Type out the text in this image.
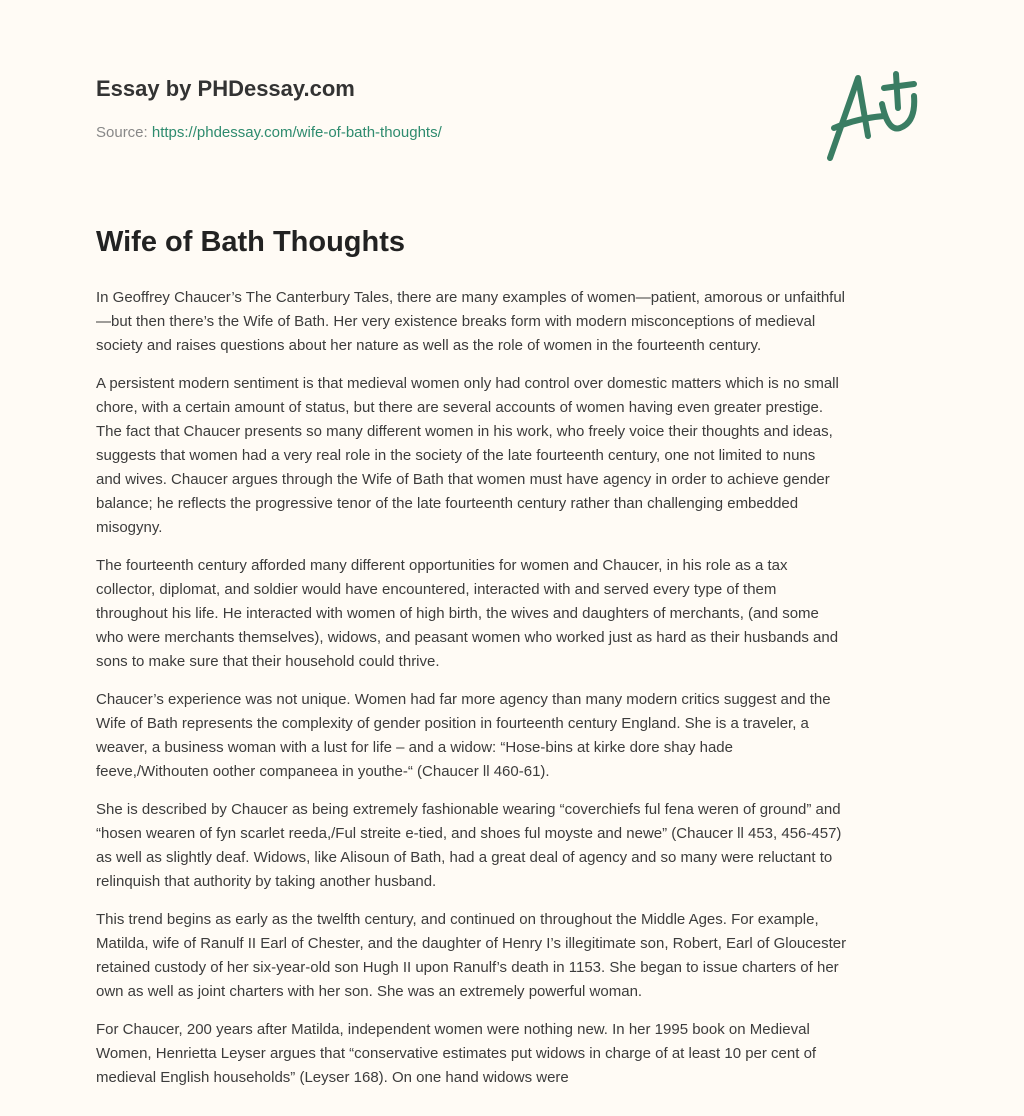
Essay by PHDessay.com
Source: https://phdessay.com/wife-of-bath-thoughts/
Wife of Bath Thoughts

In Geoffrey Chaucer’s The Canterbury Tales, there are many examples of women—patient, amorous or unfaithful
—but then there’s the Wife of Bath. Her very existence breaks form with modern misconceptions of medieval
society and raises questions about her nature as well as the role of women in the fourteenth century.

A persistent modern sentiment is that medieval women only had control over domestic matters which is no small
chore, with a certain amount of status, but there are several accounts of women having even greater prestige.
The fact that Chaucer presents so many different women in his work, who freely voice their thoughts and ideas,
suggests that women had a very real role in the society of the late fourteenth century, one not limited to nuns
and wives. Chaucer argues through the Wife of Bath that women must have agency in order to achieve gender
balance; he reflects the progressive tenor of the late fourteenth century rather than challenging embedded
misogyny.

The fourteenth century afforded many different opportunities for women and Chaucer, in his role as a tax
collector, diplomat, and soldier would have encountered, interacted with and served every type of them
throughout his life. He interacted with women of high birth, the wives and daughters of merchants, (and some
who were merchants themselves), widows, and peasant women who worked just as hard as their husbands and
sons to make sure that their household could thrive.

Chaucer’s experience was not unique. Women had far more agency than many modern critics suggest and the
Wife of Bath represents the complexity of gender position in fourteenth century England. She is a traveler, a
weaver, a business woman with a lust for life – and a widow: “Hose-bins at kirke dore shay hade
feeve,/Withouten oother companeea in youthe-“ (Chaucer ll 460-61).

She is described by Chaucer as being extremely fashionable wearing “coverchiefs ful fena weren of ground” and
“hosen wearen of fyn scarlet reeda,/Ful streite e-tied, and shoes ful moyste and newe” (Chaucer ll 453, 456-457)
as well as slightly deaf. Widows, like Alisoun of Bath, had a great deal of agency and so many were reluctant to
relinquish that authority by taking another husband.

This trend begins as early as the twelfth century, and continued on throughout the Middle Ages. For example,
Matilda, wife of Ranulf II Earl of Chester, and the daughter of Henry I’s illegitimate son, Robert, Earl of Gloucester
retained custody of her six-year-old son Hugh II upon Ranulf’s death in 1153. She began to issue charters of her
own as well as joint charters with her son. She was an extremely powerful woman.

For Chaucer, 200 years after Matilda, independent women were nothing new. In her 1995 book on Medieval
Women, Henrietta Leyser argues that “conservative estimates put widows in charge of at least 10 per cent of
medieval English households” (Leyser 168). On one hand widows were
